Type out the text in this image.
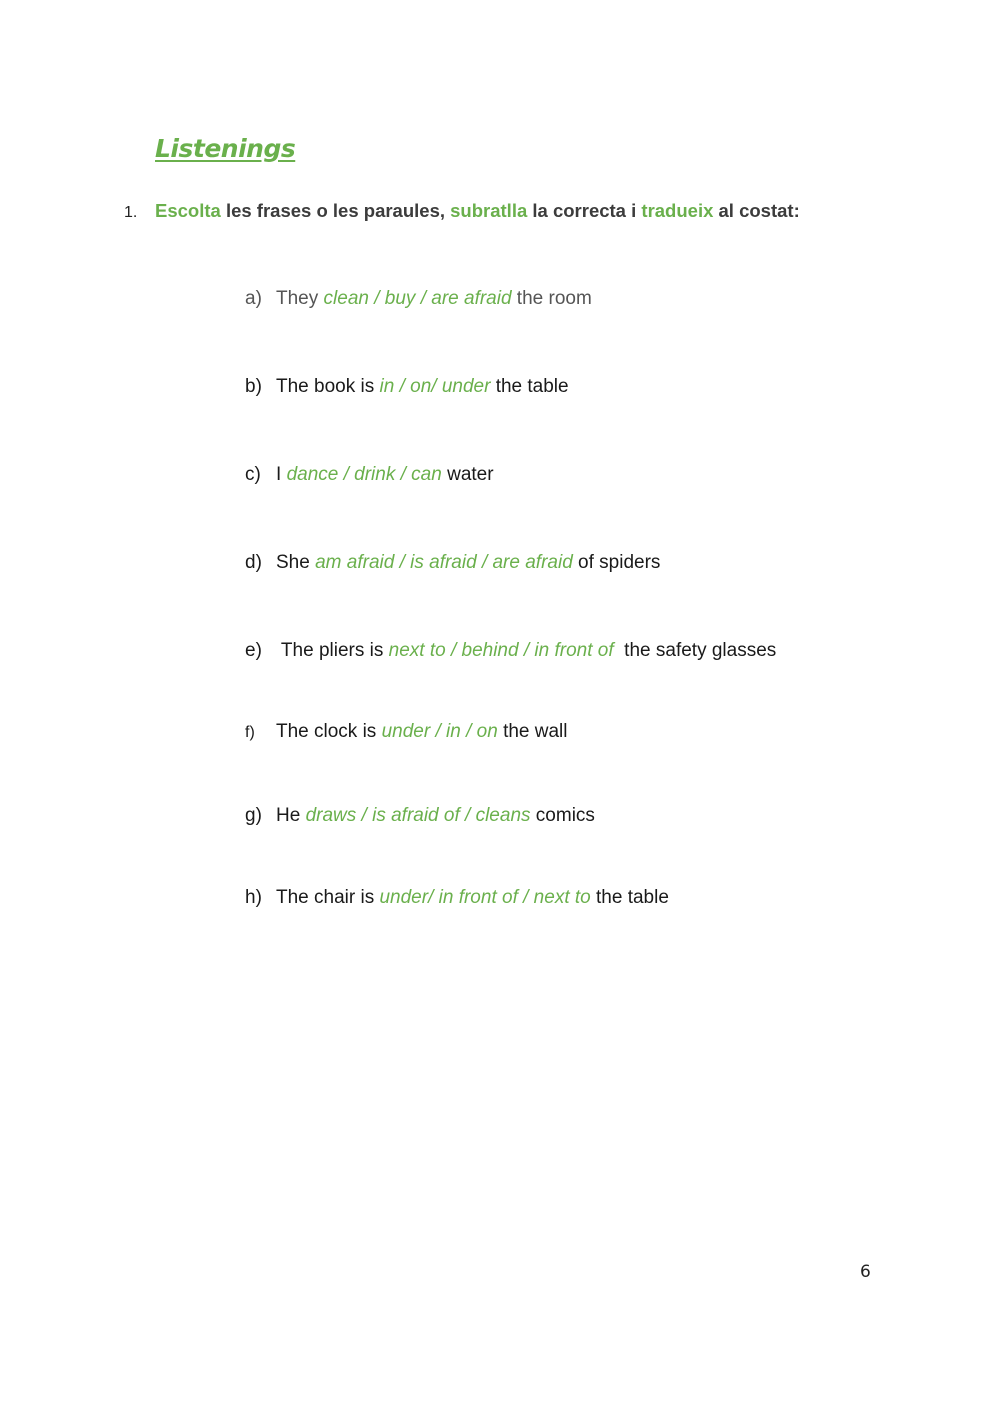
Listenings
1. Escolta les frases o les paraules, subratlla la correcta i tradueix al costat:
a) They clean / buy / are afraid the room
b) The book is in / on/ under the table
c) I dance / drink / can water
d) She am afraid / is afraid / are afraid of spiders
e) The pliers is next to / behind / in front of  the safety glasses
f) The clock is under / in / on the wall
g) He draws / is afraid of / cleans comics
h) The chair is under/ in front of / next to the table
6
